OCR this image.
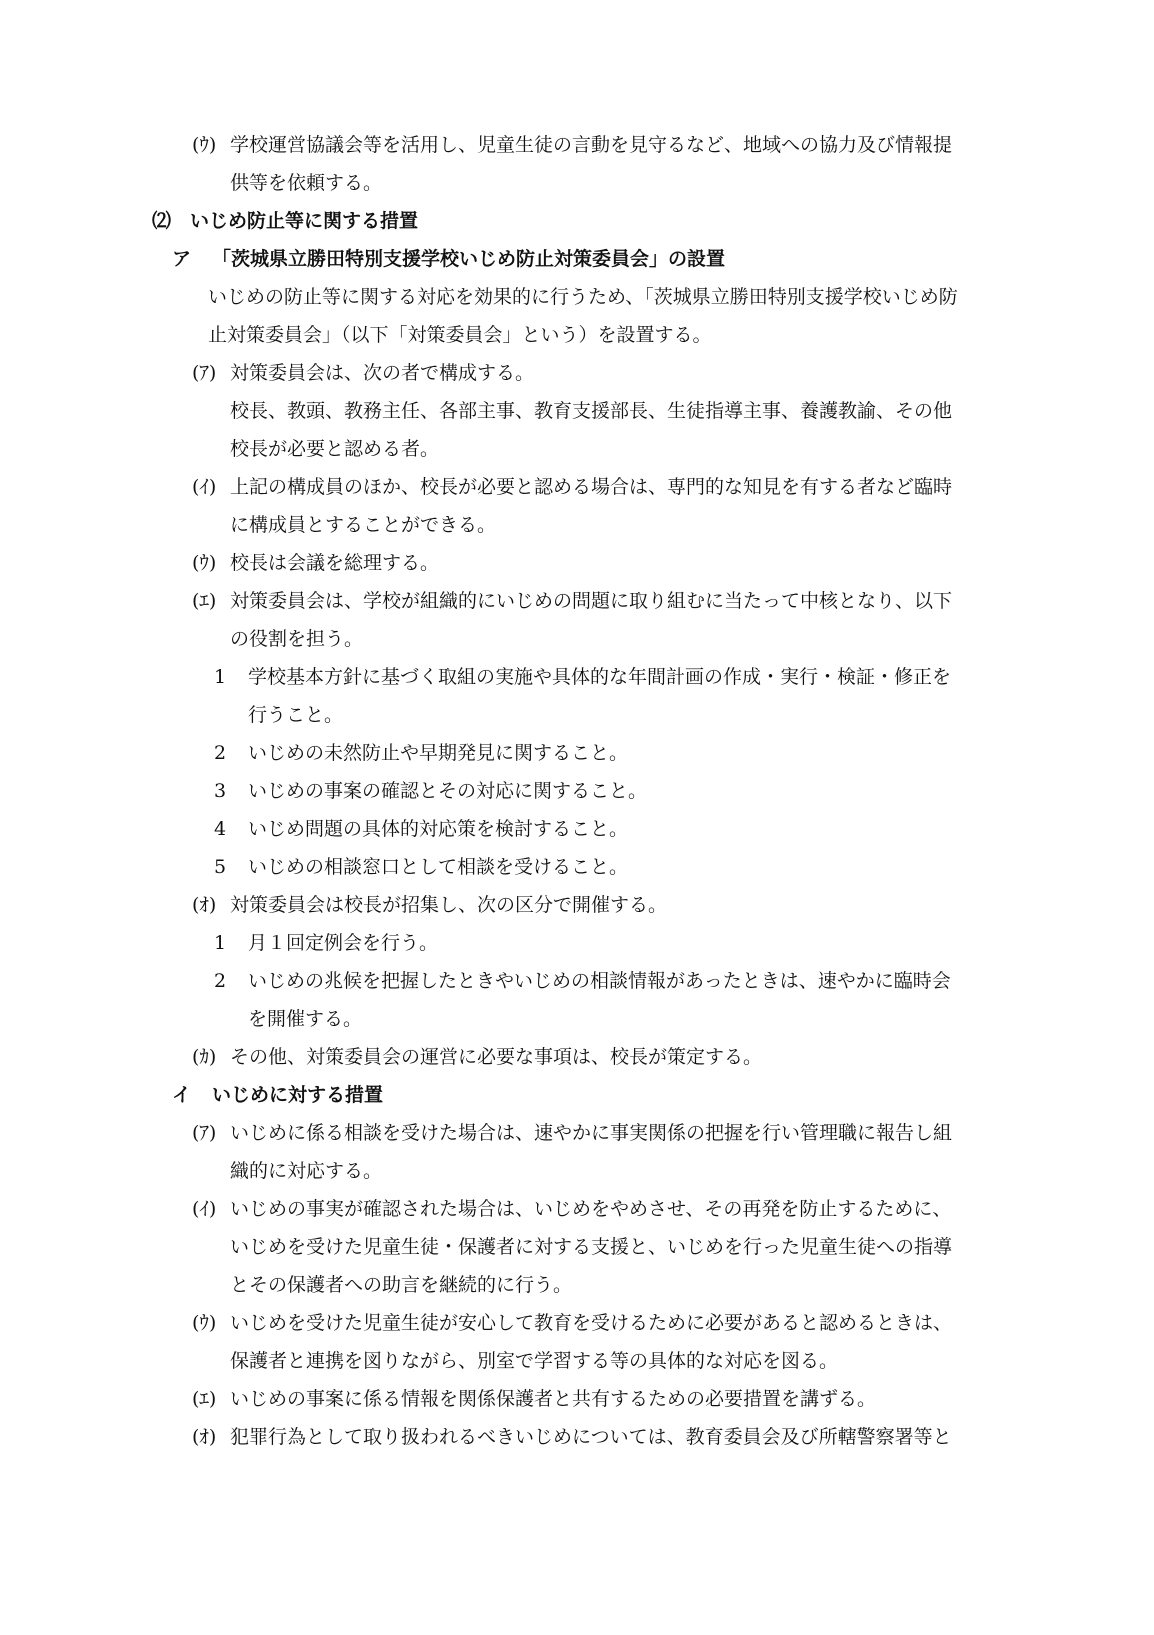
(ｳ) 学校運営協議会等を活用し、児童生徒の言動を見守るなど、地域への協力及び情報提
供等を依頼する。
⑵ いじめ防止等に関する措置
ア 「茨城県立勝田特別支援学校いじめ防止対策委員会」の設置
いじめの防止等に関する対応を効果的に行うため、「茨城県立勝田特別支援学校いじめ防
止対策委員会」（以下「対策委員会」という）を設置する。
(ｱ) 対策委員会は、次の者で構成する。
校長、教頭、教務主任、各部主事、教育支援部長、生徒指導主事、養護教諭、その他
校長が必要と認める者。
(ｲ) 上記の構成員のほか、校長が必要と認める場合は、専門的な知見を有する者など臨時
に構成員とすることができる。
(ｳ) 校長は会議を総理する。
(ｴ) 対策委員会は、学校が組織的にいじめの問題に取り組むに当たって中核となり、以下
の役割を担う。
1 学校基本方針に基づく取組の実施や具体的な年間計画の作成・実行・検証・修正を
行うこと。
2 いじめの未然防止や早期発見に関すること。
3 いじめの事案の確認とその対応に関すること。
4 いじめ問題の具体的対応策を検討すること。
5 いじめの相談窓口として相談を受けること。
(ｵ) 対策委員会は校長が招集し、次の区分で開催する。
1 月１回定例会を行う。
2 いじめの兆候を把握したときやいじめの相談情報があったときは、速やかに臨時会
を開催する。
(ｶ) その他、対策委員会の運営に必要な事項は、校長が策定する。
イ いじめに対する措置
(ｱ) いじめに係る相談を受けた場合は、速やかに事実関係の把握を行い管理職に報告し組
織的に対応する。
(ｲ) いじめの事実が確認された場合は、いじめをやめさせ、その再発を防止するために、
いじめを受けた児童生徒・保護者に対する支援と、いじめを行った児童生徒への指導
とその保護者への助言を継続的に行う。
(ｳ) いじめを受けた児童生徒が安心して教育を受けるために必要があると認めるときは、
保護者と連携を図りながら、別室で学習する等の具体的な対応を図る。
(ｴ) いじめの事案に係る情報を関係保護者と共有するための必要措置を講ずる。
(ｵ) 犯罪行為として取り扱われるべきいじめについては、教育委員会及び所轄警察署等と
